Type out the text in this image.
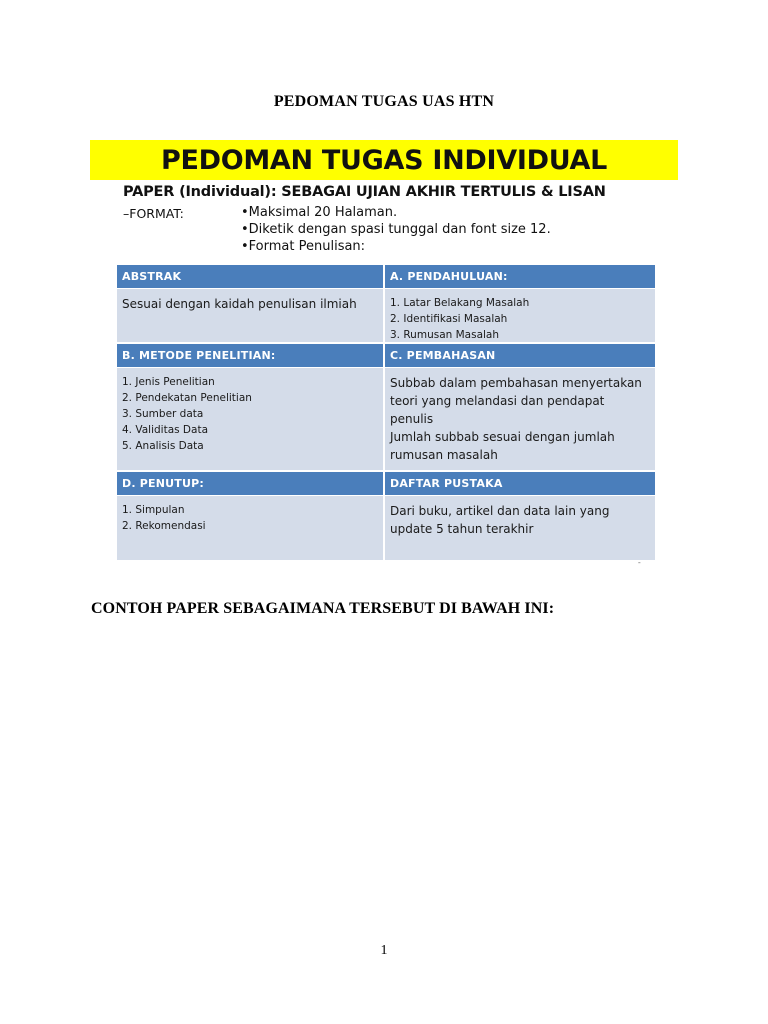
PEDOMAN TUGAS UAS HTN
PEDOMAN TUGAS INDIVIDUAL
PAPER (Individual): SEBAGAI UJIAN AKHIR TERTULIS & LISAN
–FORMAT:
•	Maksimal 20 Halaman.
• Diketik dengan spasi tunggal dan font size 12.
• Format Penulisan:
ABSTRAK	A. PENDAHULUAN:
Sesuai dengan kaidah penulisan ilmiah	1. Latar Belakang Masalah
2. Identifikasi Masalah
3. Rumusan Masalah
B. METODE PENELITIAN:	C. PEMBAHASAN
1. Jenis Penelitian
2. Pendekatan Penelitian
3. Sumber data
4. Validitas Data
5. Analisis Data
Subbab dalam pembahasan menyertakan
teori yang melandasi dan pendapat penulis
Jumlah subbab sesuai dengan jumlah
rumusan masalah
D. PENUTUP:	DAFTAR PUSTAKA
1. Simpulan
2. Rekomendasi
Dari buku, artikel dan data lain yang
update 5 tahun terakhir
-
CONTOH PAPER SEBAGAIMANA TERSEBUT DI BAWAH INI:
1
